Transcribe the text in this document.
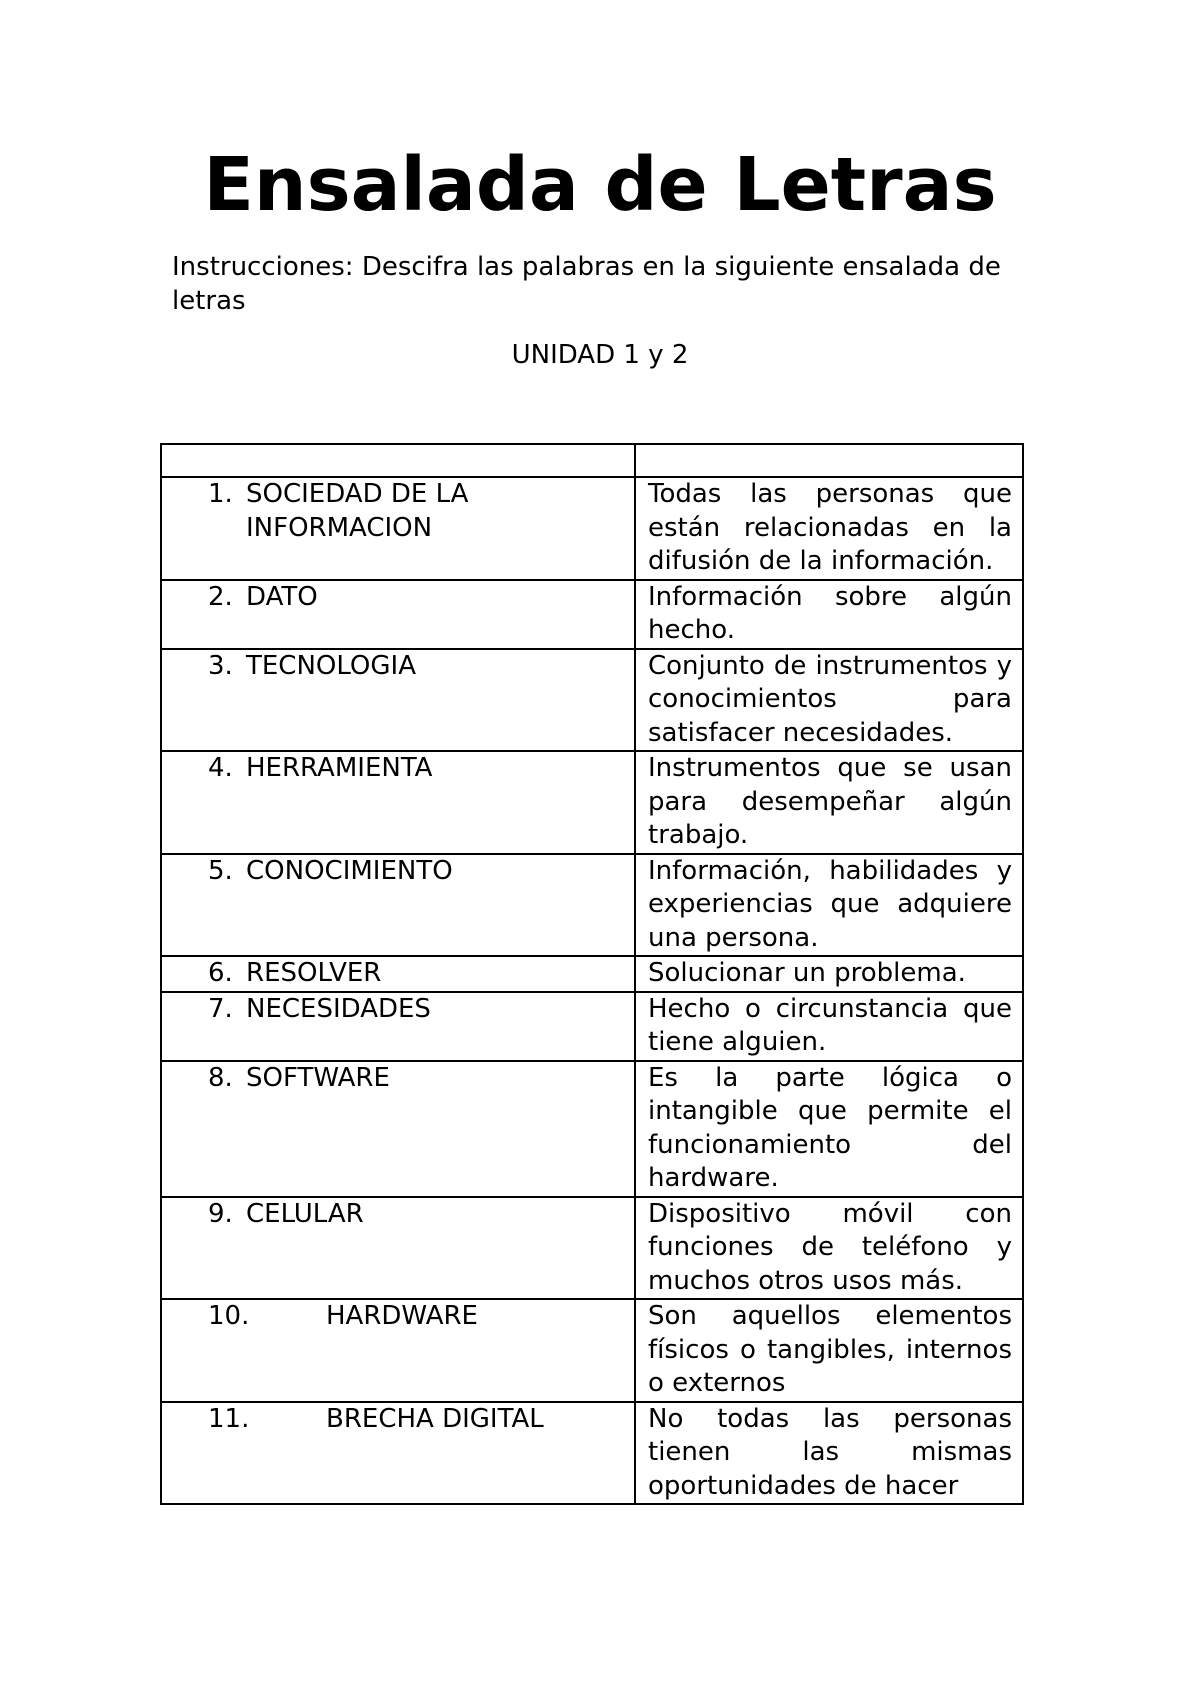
Ensalada de Letras

Instrucciones: Descifra las palabras en la siguiente ensalada de letras

UNIDAD 1 y 2

1. SOCIEDAD DE LA INFORMACION	Todas las personas que están relacionadas en la difusión de la información.

2. DATO	Información sobre algún hecho.

3. TECNOLOGIA	Conjunto de instrumentos y conocimientos para satisfacer necesidades.

4. HERRAMIENTA	Instrumentos que se usan para desempeñar algún trabajo.

5. CONOCIMIENTO	Información, habilidades y experiencias que adquiere una persona.

6. RESOLVER	Solucionar un problema.

7. NECESIDADES	Hecho o circunstancia que tiene alguien.

8. SOFTWARE	Es la parte lógica o intangible que permite el funcionamiento del hardware.

9. CELULAR	Dispositivo móvil con funciones de teléfono y muchos otros usos más.

10. HARDWARE	Son aquellos elementos físicos o tangibles, internos o externos

11. BRECHA DIGITAL	No todas las personas tienen las mismas oportunidades de hacer
